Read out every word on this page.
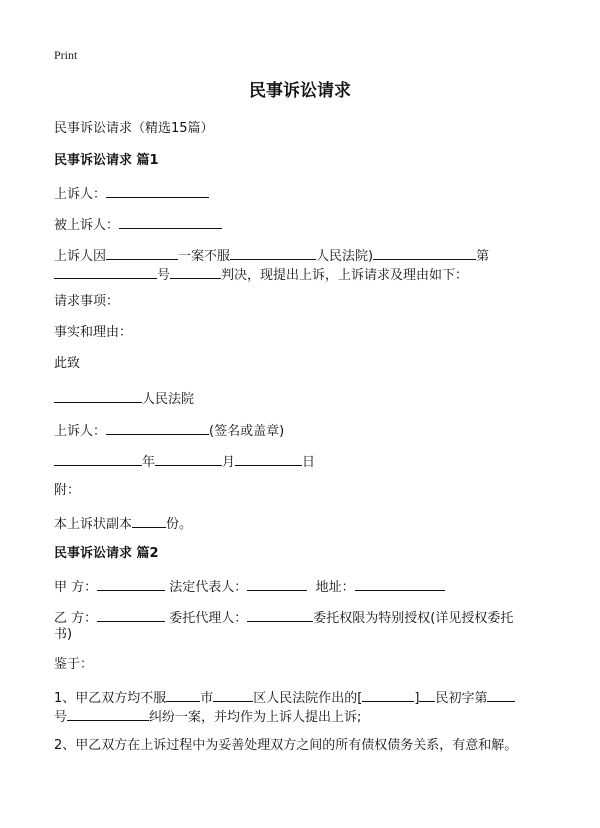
Print
民事诉讼请求
民事诉讼请求（精选15篇）
民事诉讼请求 篇1
上诉人：
被上诉人：
上诉人因	一案不服	人民法院)	第
号	判决，现提出上诉，上诉请求及理由如下：
请求事项：
事实和理由：
此致
人民法院
上诉人：	(签名或盖章)
年	月	日
附：
本上诉状副本	份。
民事诉讼请求 篇2
甲 方：	法定代表人：	地址：
乙 方：	委托代理人：	委托权限为特别授权(详见授权委托
书)
鉴于：
1、甲乙双方均不服	市	区人民法院作出的[	] 民初字第
号	纠纷一案，并均作为上诉人提出上诉;
2、甲乙双方在上诉过程中为妥善处理双方之间的所有债权债务关系，有意和解。
